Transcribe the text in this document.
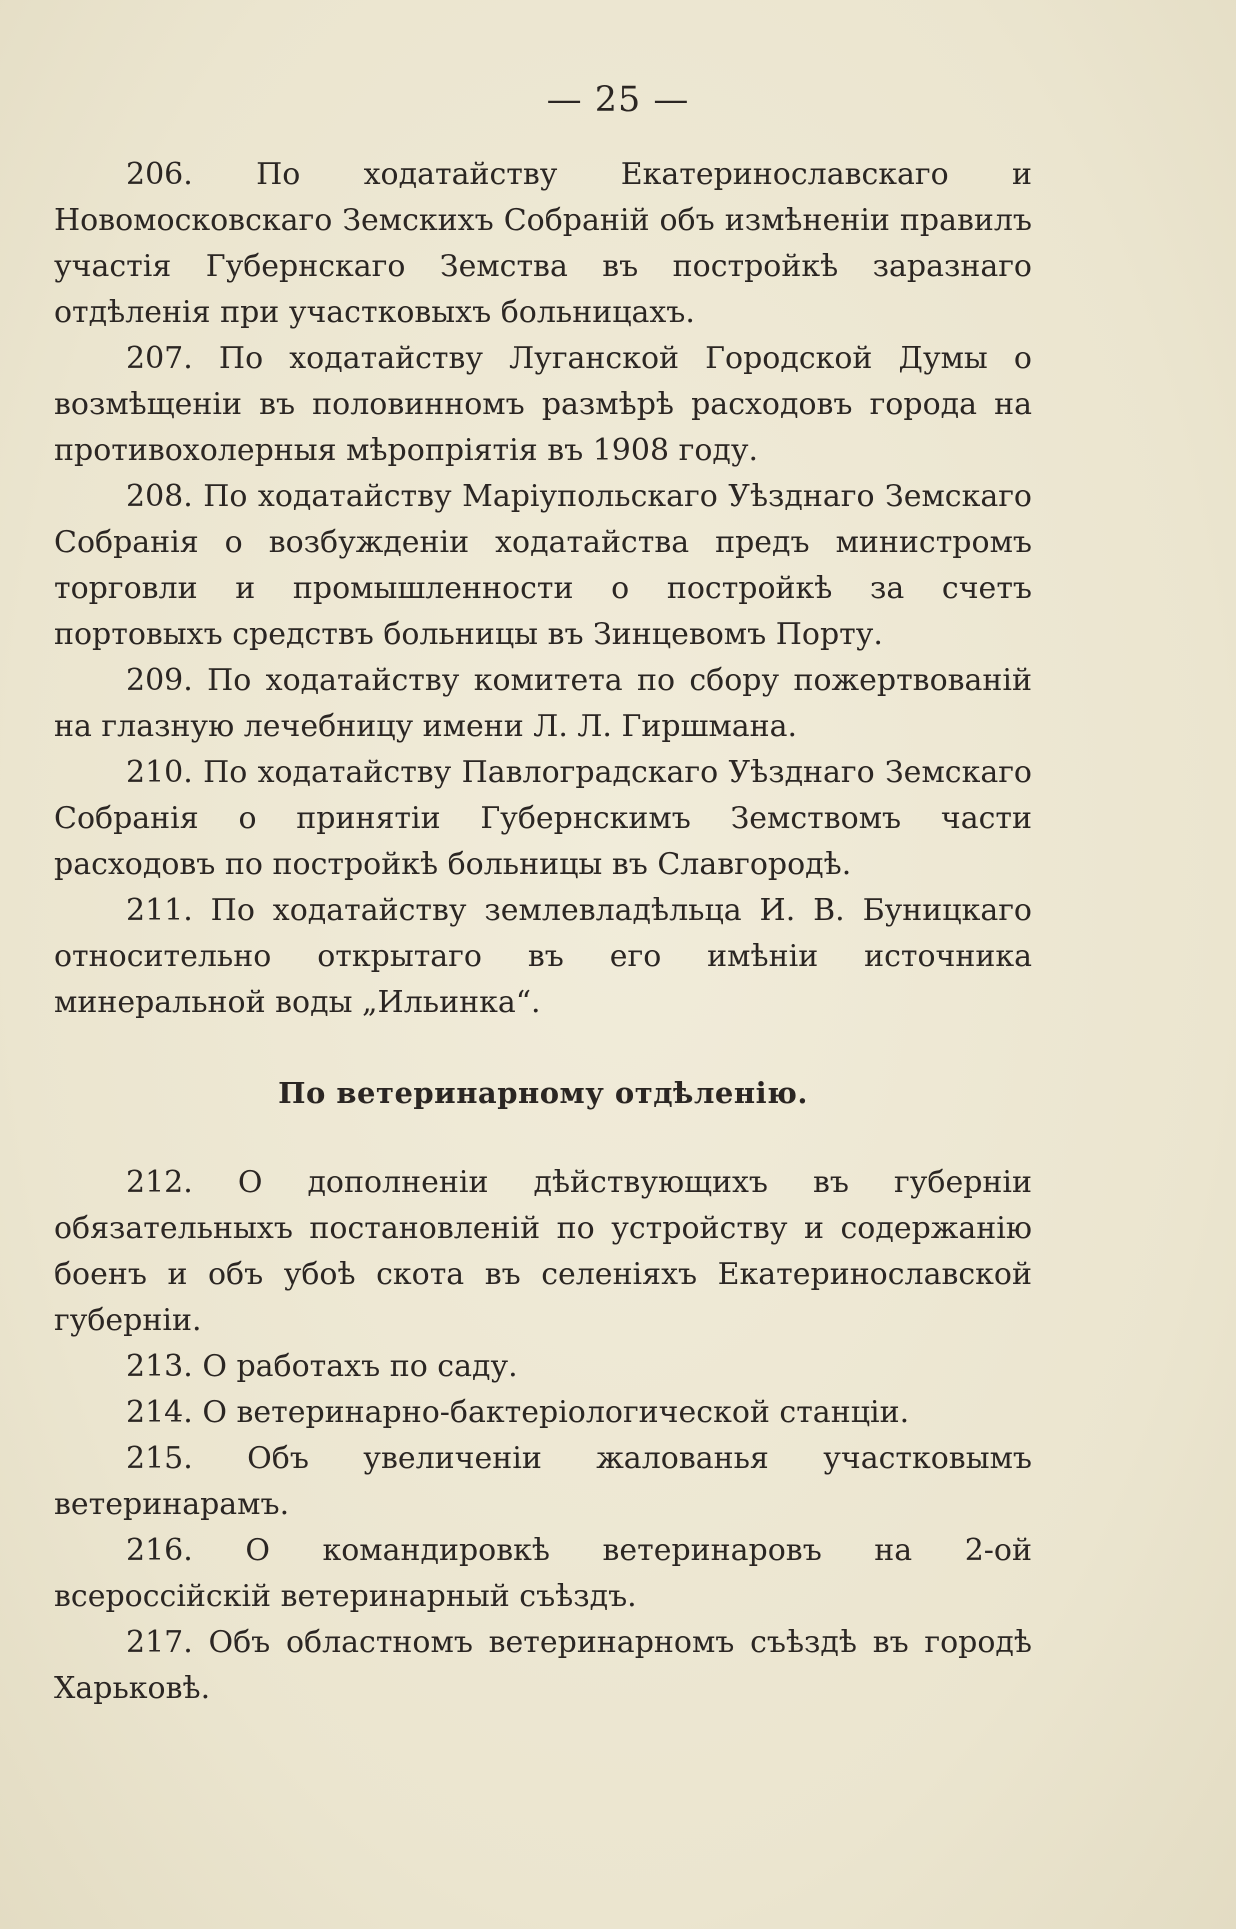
— 25 —

206. По ходатайству Екатеринославскаго и Новомосковскаго Земскихъ Собраній объ измѣненіи правилъ участія Губернскаго Земства въ постройкѣ заразнаго отдѣленія при участковыхъ больницахъ.

207. По ходатайству Луганской Городской Думы о возмѣщеніи въ половинномъ размѣрѣ расходовъ города на противохолерныя мѣропріятія въ 1908 году.

208. По ходатайству Маріупольскаго Уѣзднаго Земскаго Собранія о возбужденіи ходатайства предъ министромъ торговли и промышленности о постройкѣ за счетъ портовыхъ средствъ больницы въ Зинцевомъ Порту.

209. По ходатайству комитета по сбору пожертвованій на глазную лечебницу имени Л. Л. Гиршмана.

210. По ходатайству Павлоградскаго Уѣзднаго Земскаго Собранія о принятіи Губернскимъ Земствомъ части расходовъ по постройкѣ больницы въ Славгородѣ.

211. По ходатайству землевладѣльца И. В. Буницкаго относительно открытаго въ его имѣніи источника минеральной воды „Ильинка“.

По ветеринарному отдѣленію.

212. О дополненіи дѣйствующихъ въ губерніи обязательныхъ постановленій по устройству и содержанію боенъ и объ убоѣ скота въ селеніяхъ Екатеринославской губерніи.

213. О работахъ по саду.

214. О ветеринарно-бактеріологической станціи.

215. Объ увеличеніи жалованья участковымъ ветеринарамъ.

216. О командировкѣ ветеринаровъ на 2-ой всероссійскій ветеринарный съѣздъ.

217. Объ областномъ ветеринарномъ съѣздѣ въ городѣ Харьковѣ.
